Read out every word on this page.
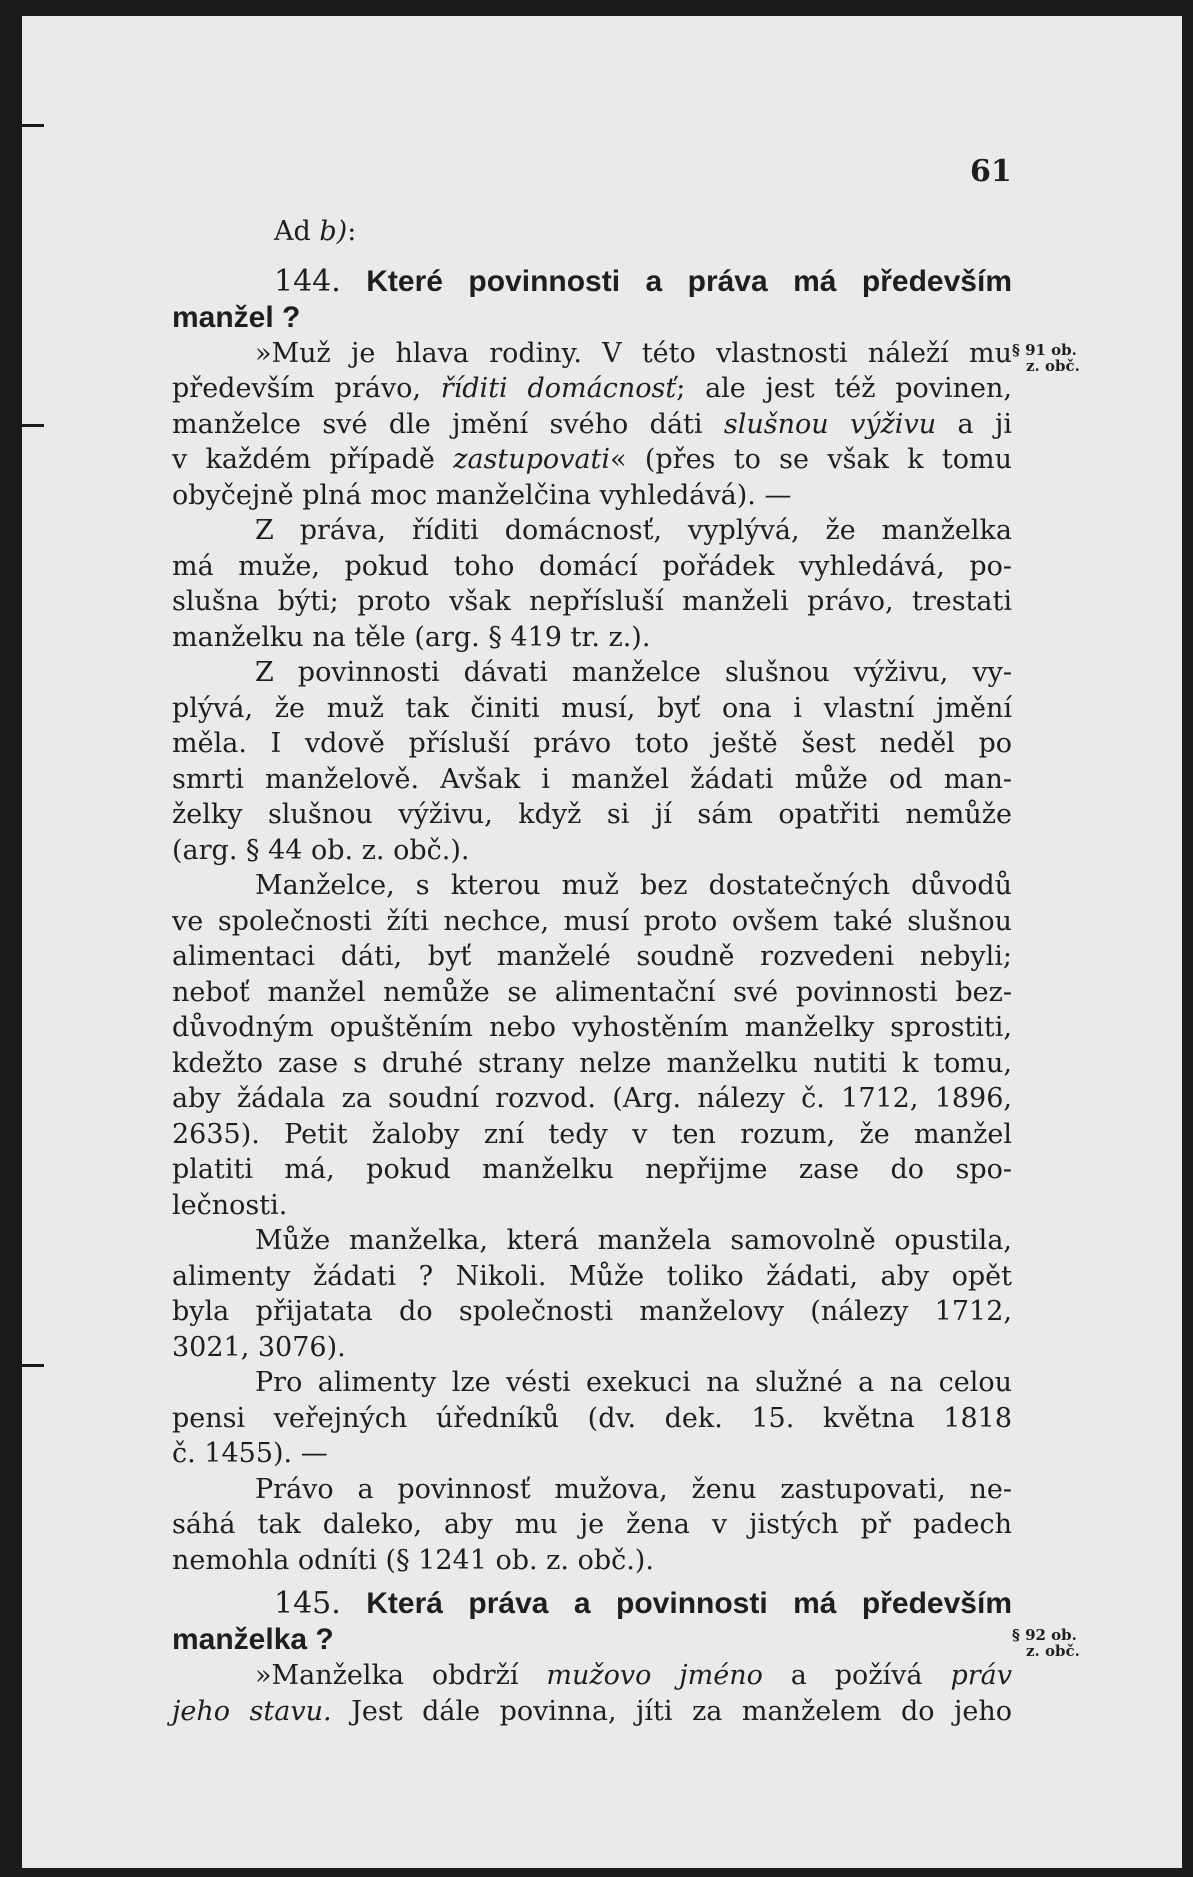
61
§ 91 ob.
z. obč.
§ 92 ob.
z. obč.
Ad b):
144. Které povinnosti a práva má především
manžel ?
»Muž je hlava rodiny. V této vlastnosti náleží mu
především právo, říditi domácnosť; ale jest též povinen,
manželce své dle jmění svého dáti slušnou výživu a ji
v každém případě zastupovati« (přes to se však k tomu
obyčejně plná moc manželčina vyhledává). —
Z práva, říditi domácnosť, vyplývá, že manželka
má muže, pokud toho domácí pořádek vyhledává, po-
slušna býti; proto však nepřísluší manželi právo, trestati
manželku na těle (arg. § 419 tr. z.).
Z povinnosti dávati manželce slušnou výživu, vy-
plývá, že muž tak činiti musí, byť ona i vlastní jmění
měla. I vdově přísluší právo toto ještě šest neděl po
smrti manželově. Avšak i manžel žádati může od man-
želky slušnou výživu, když si jí sám opatřiti nemůže
(arg. § 44 ob. z. obč.).
Manželce, s kterou muž bez dostatečných důvodů
ve společnosti žíti nechce, musí proto ovšem také slušnou
alimentaci dáti, byť manželé soudně rozvedeni nebyli;
neboť manžel nemůže se alimentační své povinnosti bez-
důvodným opuštěním nebo vyhostěním manželky sprostiti,
kdežto zase s druhé strany nelze manželku nutiti k tomu,
aby žádala za soudní rozvod. (Arg. nálezy č. 1712, 1896,
2635). Petit žaloby zní tedy v ten rozum, že manžel
platiti má, pokud manželku nepřijme zase do spo-
lečnosti.
Může manželka, která manžela samovolně opustila,
alimenty žádati ? Nikoli. Může toliko žádati, aby opět
byla přijatata do společnosti manželovy (nálezy 1712,
3021, 3076).
Pro alimenty lze vésti exekuci na služné a na celou
pensi veřejných úředníků (dv. dek. 15. května 1818
č. 1455). —
Právo a povinnosť mužova, ženu zastupovati, ne-
sáhá tak daleko, aby mu je žena v jistých př padech
nemohla odníti (§ 1241 ob. z. obč.).
145. Která práva a povinnosti má především
manželka ?
»Manželka obdrží mužovo jméno a požívá práv
jeho stavu. Jest dále povinna, jíti za manželem do jeho
